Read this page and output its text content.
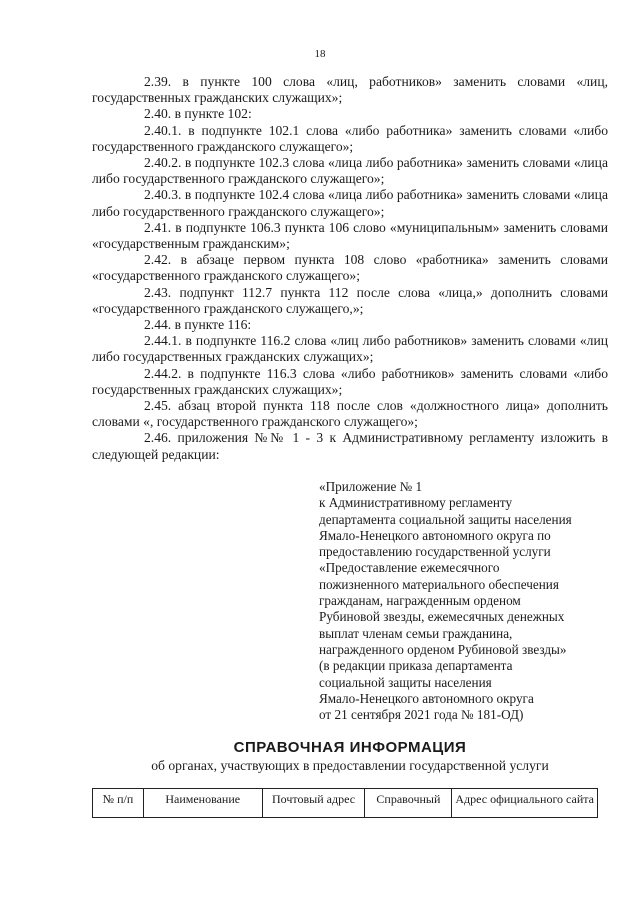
18

2.39. в пункте 100 слова «лиц, работников» заменить словами «лиц, государственных гражданских служащих»;

2.40. в пункте 102:

2.40.1. в подпункте 102.1 слова «либо работника» заменить словами «либо государственного гражданского служащего»;

2.40.2. в подпункте 102.3 слова «лица либо работника» заменить словами «лица либо государственного гражданского служащего»;

2.40.3. в подпункте 102.4 слова «лица либо работника» заменить словами «лица либо государственного гражданского служащего»;

2.41. в подпункте 106.3 пункта 106 слово «муниципальным» заменить словами «государственным гражданским»;

2.42. в абзаце первом пункта 108 слово «работника» заменить словами «государственного гражданского служащего»;

2.43. подпункт 112.7 пункта 112 после слова «лица,» дополнить словами «государственного гражданского служащего,»;

2.44. в пункте 116:

2.44.1. в подпункте 116.2 слова «лиц либо работников» заменить словами «лиц либо государственных гражданских служащих»;

2.44.2. в подпункте 116.3 слова «либо работников» заменить словами «либо государственных гражданских служащих»;

2.45. абзац второй пункта 118 после слов «должностного лица» дополнить словами «, государственного гражданского служащего»;

2.46. приложения №№ 1 - 3 к Административному регламенту изложить в следующей редакции:

«Приложение № 1
к Административному регламенту
департамента социальной защиты населения
Ямало-Ненецкого автономного округа по
предоставлению государственной услуги
«Предоставление ежемесячного
пожизненного материального обеспечения
гражданам, награжденным орденом
Рубиновой звезды, ежемесячных денежных
выплат членам семьи гражданина,
награжденного орденом Рубиновой звезды»
(в редакции приказа департамента
социальной защиты населения
Ямало-Ненецкого автономного округа
от 21 сентября 2021 года № 181-ОД)
СПРАВОЧНАЯ ИНФОРМАЦИЯ
об органах, участвующих в предоставлении государственной услуги
№ п/п	Наименование	Почтовый адрес	Справочный	Адрес официального сайта
